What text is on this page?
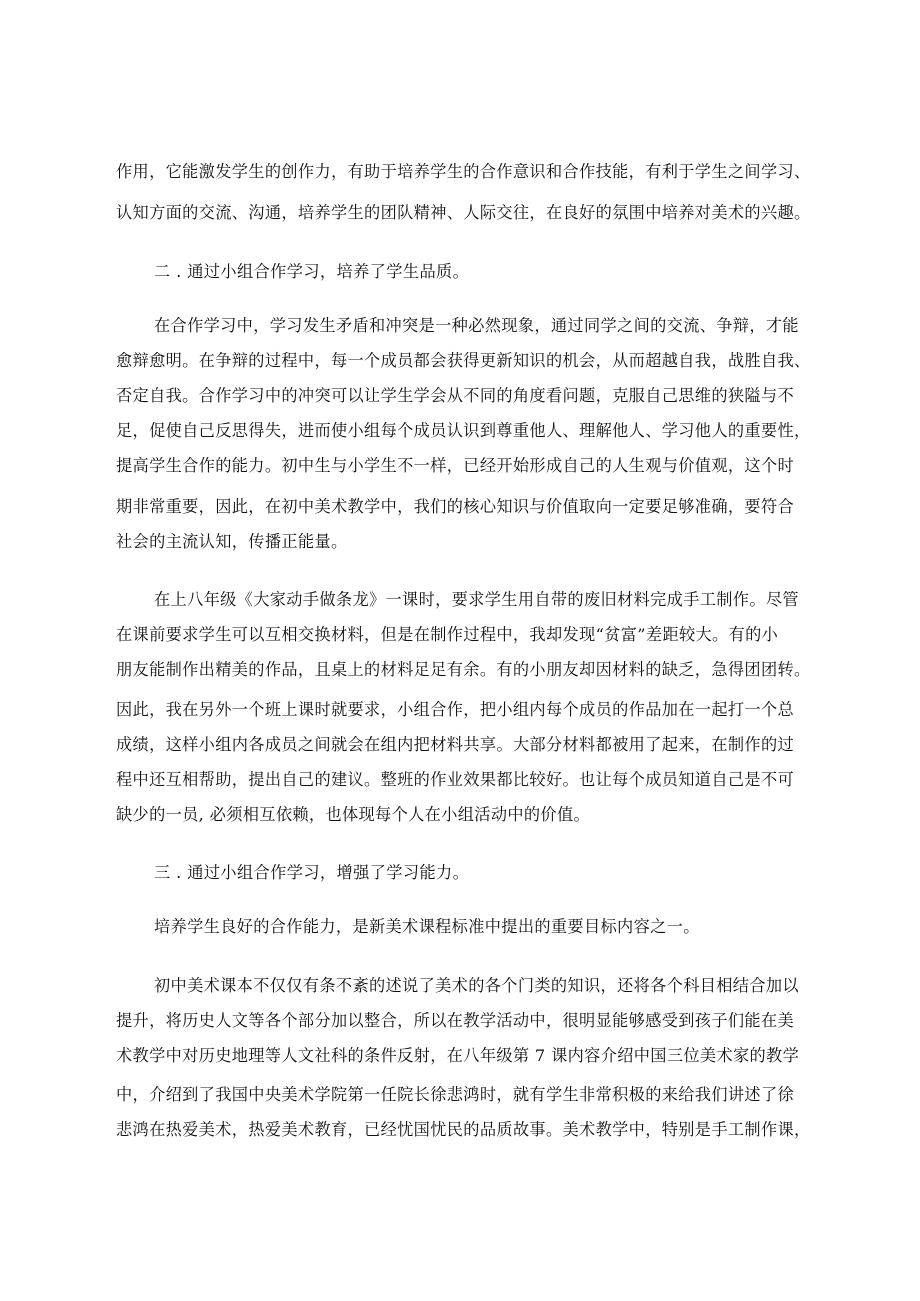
作用，它能激发学生的创作力，有助于培养学生的合作意识和合作技能，有利于学生之间学习、

认知方面的交流、沟通，培养学生的团队精神、人际交往，在良好的氛围中培养对美术的兴趣。

二 . 通过小组合作学习，培养了学生品质。

在合作学习中，学习发生矛盾和冲突是一种必然现象，通过同学之间的交流、争辩，才能

愈辩愈明。在争辩的过程中，每一个成员都会获得更新知识的机会，从而超越自我，战胜自我、

否定自我。合作学习中的冲突可以让学生学会从不同的角度看问题，克服自己思维的狭隘与不

足，促使自己反思得失，进而使小组每个成员认识到尊重他人、理解他人、学习他人的重要性，

提高学生合作的能力。初中生与小学生不一样，已经开始形成自己的人生观与价值观，这个时

期非常重要，因此，在初中美术教学中，我们的核心知识与价值取向一定要足够准确，要符合

社会的主流认知，传播正能量。

在上八年级《大家动手做条龙》一课时，要求学生用自带的废旧材料完成手工制作。尽管

在课前要求学生可以互相交换材料，但是在制作过程中，我却发现“贫富”差距较大。有的小

朋友能制作出精美的作品，且桌上的材料足足有余。有的小朋友却因材料的缺乏，急得团团转。

因此，我在另外一个班上课时就要求，小组合作，把小组内每个成员的作品加在一起打一个总

成绩，这样小组内各成员之间就会在组内把材料共享。大部分材料都被用了起来，在制作的过

程中还互相帮助，提出自己的建议。整班的作业效果都比较好。也让每个成员知道自己是不可

缺少的一员, 必须相互依赖，也体现每个人在小组活动中的价值。

三 . 通过小组合作学习，增强了学习能力。

培养学生良好的合作能力，是新美术课程标准中提出的重要目标内容之一。

初中美术课本不仅仅有条不紊的述说了美术的各个门类的知识，还将各个科目相结合加以

提升，将历史人文等各个部分加以整合，所以在教学活动中，很明显能够感受到孩子们能在美

术教学中对历史地理等人文社科的条件反射，在八年级第 7 课内容介绍中国三位美术家的教学

中，介绍到了我国中央美术学院第一任院长徐悲鸿时，就有学生非常积极的来给我们讲述了徐

悲鸿在热爱美术，热爱美术教育，已经忧国忧民的品质故事。美术教学中，特别是手工制作课，
